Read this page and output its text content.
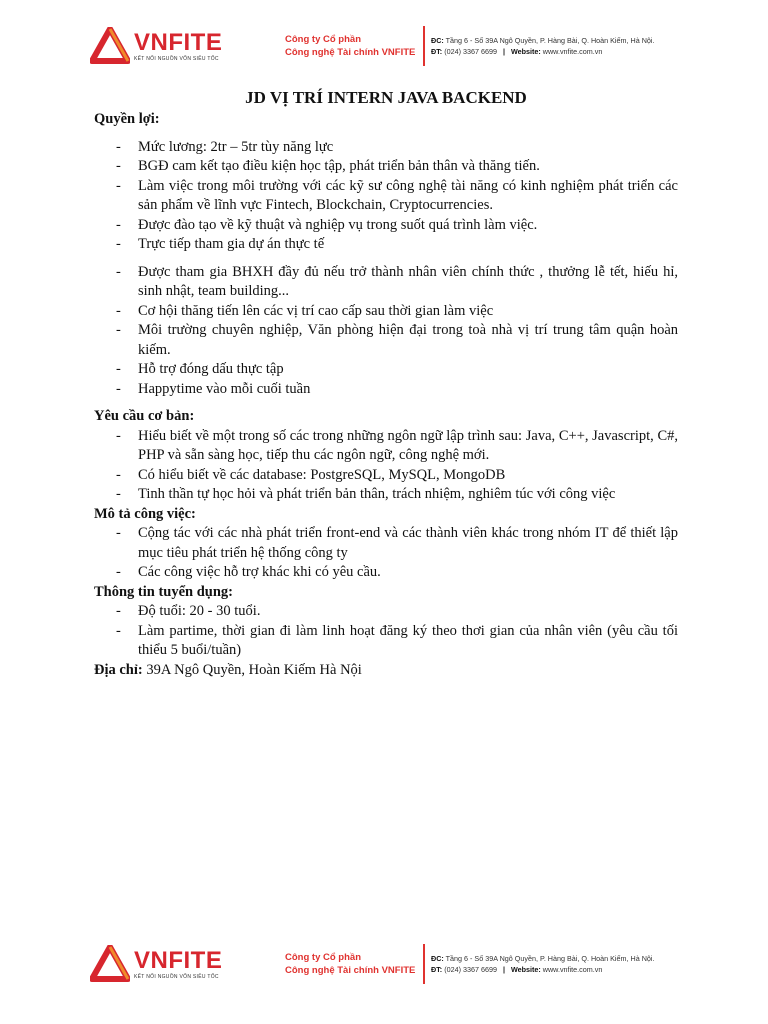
VNFITE
KẾT NỐI NGUỒN VỐN SIÊU TỐC
Công ty Cổ phần
Công nghệ Tài chính VNFITE
ĐC: Tầng 6 - Số 39A Ngô Quyền, P. Hàng Bài, Q. Hoàn Kiếm, Hà Nội.
ĐT: (024) 3367 6699 | Website: www.vnfite.com.vn
JD VỊ TRÍ INTERN JAVA BACKEND

Quyền lợi:

- Mức lương: 2tr – 5tr tùy năng lực
- BGĐ cam kết tạo điều kiện học tập, phát triển bản thân và thăng tiến.
- Làm việc trong môi trường với các kỹ sư công nghệ tài năng có kinh nghiệm phát triển các sản phẩm về lĩnh vực Fintech, Blockchain, Cryptocurrencies.
- Được đào tạo về kỹ thuật và nghiệp vụ trong suốt quá trình làm việc.
- Trực tiếp tham gia dự án thực tế
- Được tham gia BHXH đầy đủ nếu trở thành nhân viên chính thức , thưởng lễ tết, hiếu hỉ, sinh nhật, team building...
- Cơ hội thăng tiến lên các vị trí cao cấp sau thời gian làm việc
- Môi trường chuyên nghiệp, Văn phòng hiện đại trong toà nhà vị trí trung tâm quận hoàn kiếm.
- Hỗ trợ đóng dấu thực tập
- Happytime vào mỗi cuối tuần

Yêu cầu cơ bản:

- Hiểu biết về một trong số các trong những ngôn ngữ lập trình sau: Java, C++, Javascript, C#, PHP và sẵn sàng học, tiếp thu các ngôn ngữ, công nghệ mới.
- Có hiểu biết về các database: PostgreSQL, MySQL, MongoDB
- Tinh thần tự học hỏi và phát triển bản thân, trách nhiệm, nghiêm túc với công việc

Mô tả công việc:

- Cộng tác với các nhà phát triển front-end và các thành viên khác trong nhóm IT để thiết lập mục tiêu phát triển hệ thống công ty
- Các công việc hỗ trợ khác khi có yêu cầu.

Thông tin tuyển dụng:

- Độ tuổi: 20 - 30 tuổi.
- Làm partime, thời gian đi làm linh hoạt đăng ký theo thơi gian của nhân viên (yêu cầu tối thiểu 5 buổi/tuần)

Địa chỉ: 39A Ngô Quyền, Hoàn Kiếm Hà Nội

VNFITE
KẾT NỐI NGUỒN VỐN SIÊU TỐC
Công ty Cổ phần
Công nghệ Tài chính VNFITE
ĐC: Tầng 6 - Số 39A Ngô Quyền, P. Hàng Bài, Q. Hoàn Kiếm, Hà Nội.
ĐT: (024) 3367 6699 | Website: www.vnfite.com.vn
